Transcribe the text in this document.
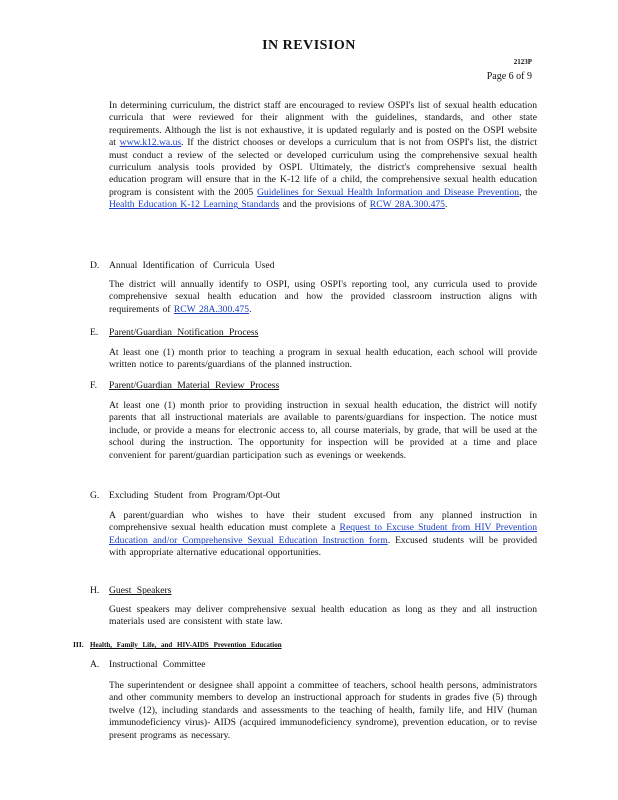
IN REVISION
2123P
Page 6 of 9
In determining curriculum, the district staff are encouraged to review OSPI's list of sexual health education curricula that were reviewed for their alignment with the guidelines, standards, and other state requirements. Although the list is not exhaustive, it is updated regularly and is posted on the OSPI website at www.k12.wa.us. If the district chooses or develops a curriculum that is not from OSPI's list, the district must conduct a review of the selected or developed curriculum using the comprehensive sexual health curriculum analysis tools provided by OSPI. Ultimately, the district's comprehensive sexual health education program will ensure that in the K-12 life of a child, the comprehensive sexual health education program is consistent with the 2005 Guidelines for Sexual Health Information and Disease Prevention, the Health Education K-12 Learning Standards and the provisions of RCW 28A.300.475.
D. Annual Identification of Curricula Used
The district will annually identify to OSPI, using OSPI's reporting tool, any curricula used to provide comprehensive sexual health education and how the provided classroom instruction aligns with requirements of RCW 28A.300.475.
E. Parent/Guardian Notification Process
At least one (1) month prior to teaching a program in sexual health education, each school will provide written notice to parents/guardians of the planned instruction.
F. Parent/Guardian Material Review Process
At least one (1) month prior to providing instruction in sexual health education, the district will notify parents that all instructional materials are available to parents/guardians for inspection. The notice must include, or provide a means for electronic access to, all course materials, by grade, that will be used at the school during the instruction. The opportunity for inspection will be provided at a time and place convenient for parent/guardian participation such as evenings or weekends.
G. Excluding Student from Program/Opt-Out
A parent/guardian who wishes to have their student excused from any planned instruction in comprehensive sexual health education must complete a Request to Excuse Student from HIV Prevention Education and/or Comprehensive Sexual Education Instruction form. Excused students will be provided with appropriate alternative educational opportunities.
H. Guest Speakers
Guest speakers may deliver comprehensive sexual health education as long as they and all instruction materials used are consistent with state law.
III. Health, Family Life, and HIV-AIDS Prevention Education
A. Instructional Committee
The superintendent or designee shall appoint a committee of teachers, school health persons, administrators and other community members to develop an instructional approach for students in grades five (5) through twelve (12), including standards and assessments to the teaching of health, family life, and HIV (human immunodeficiency virus)- AIDS (acquired immunodeficiency syndrome), prevention education, or to revise present programs as necessary.
